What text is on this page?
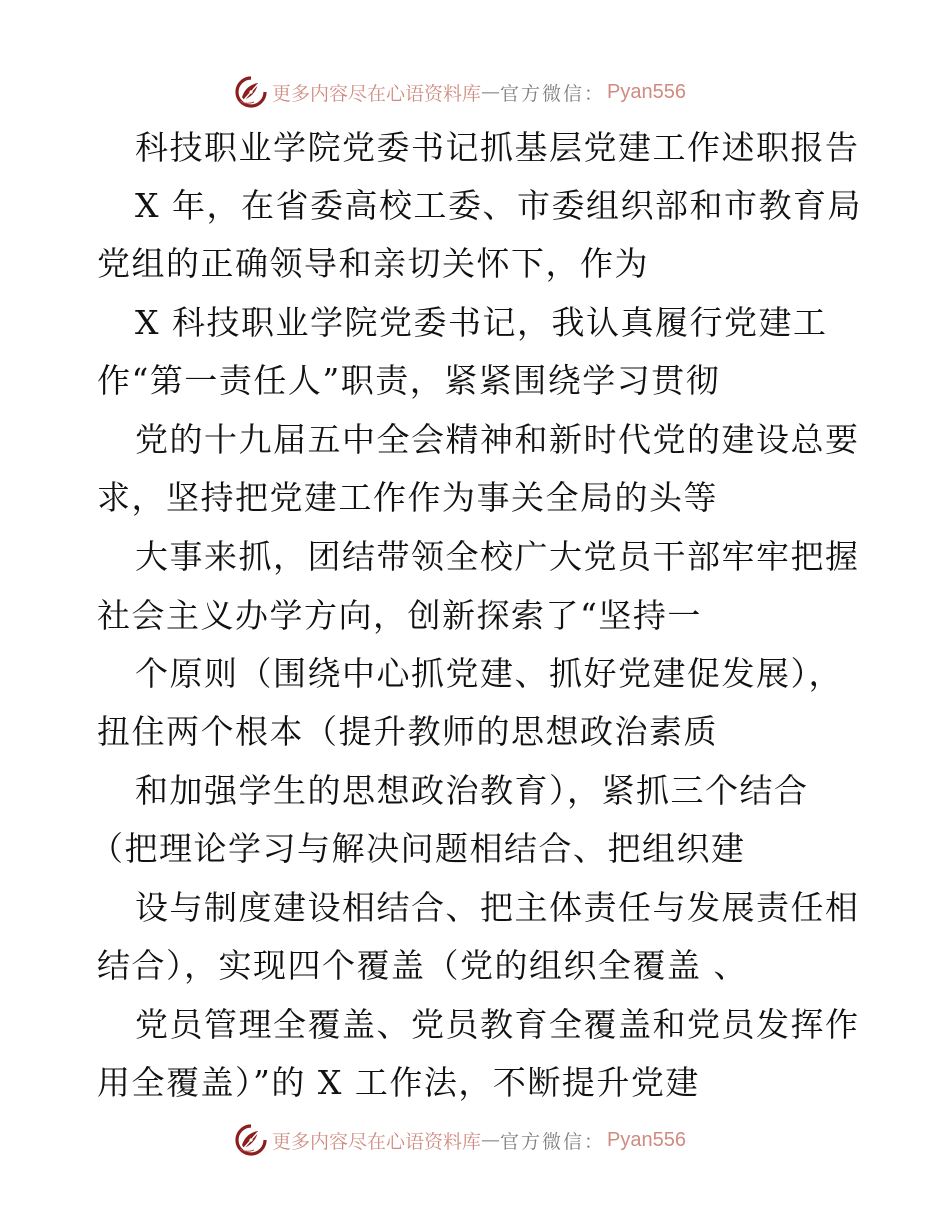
更多内容尽在心语资料库 — 官方微信： Pyan556
科技职业学院党委书记抓基层党建工作述职报告
X 年，在省委高校工委、市委组织部和市教育局
党组的正确领导和亲切关怀下，作为
X 科技职业学院党委书记，我认真履行党建工
作“第一责任人”职责，紧紧围绕学习贯彻
党的十九届五中全会精神和新时代党的建设总要
求，坚持把党建工作作为事关全局的头等
大事来抓，团结带领全校广大党员干部牢牢把握
社会主义办学方向，创新探索了“坚持一
个原则（围绕中心抓党建、抓好党建促发展），
扭住两个根本（提升教师的思想政治素质
和加强学生的思想政治教育），紧抓三个结合
（把理论学习与解决问题相结合、把组织建
设与制度建设相结合、把主体责任与发展责任相
结合），实现四个覆盖（党的组织全覆盖 、
党员管理全覆盖、党员教育全覆盖和党员发挥作
用全覆盖）”的 X 工作法，不断提升党建
更多内容尽在心语资料库 — 官方微信： Pyan556
